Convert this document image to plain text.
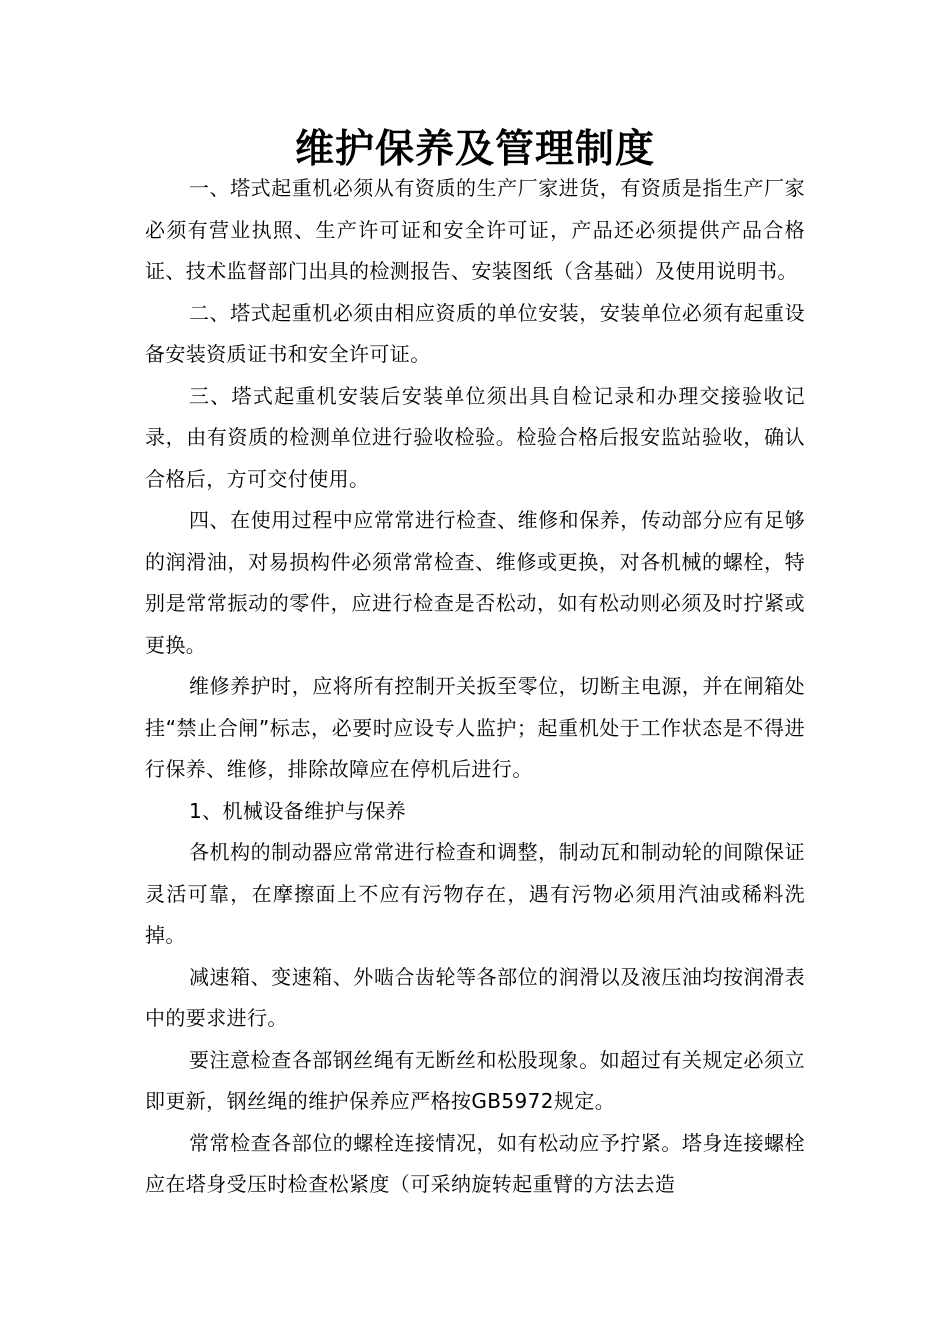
维护保养及管理制度

一、塔式起重机必须从有资质的生产厂家进货，有资质是指生产厂家必须有营业执照、生产许可证和安全许可证，产品还必须提供产品合格证、技术监督部门出具的检测报告、安装图纸（含基础）及使用说明书。

二、塔式起重机必须由相应资质的单位安装，安装单位必须有起重设备安装资质证书和安全许可证。

三、塔式起重机安装后安装单位须出具自检记录和办理交接验收记录，由有资质的检测单位进行验收检验。检验合格后报安监站验收，确认合格后，方可交付使用。

四、在使用过程中应常常进行检查、维修和保养，传动部分应有足够的润滑油，对易损构件必须常常检查、维修或更换，对各机械的螺栓，特别是常常振动的零件，应进行检查是否松动，如有松动则必须及时拧紧或更换。

维修养护时，应将所有控制开关扳至零位，切断主电源，并在闸箱处挂“禁止合闸”标志，必要时应设专人监护；起重机处于工作状态是不得进行保养、维修，排除故障应在停机后进行。

1、机械设备维护与保养

各机构的制动器应常常进行检查和调整，制动瓦和制动轮的间隙保证灵活可靠，在摩擦面上不应有污物存在，遇有污物必须用汽油或稀料洗掉。

减速箱、变速箱、外啮合齿轮等各部位的润滑以及液压油均按润滑表中的要求进行。

要注意检查各部钢丝绳有无断丝和松股现象。如超过有关规定必须立即更新，钢丝绳的维护保养应严格按GB5972规定。

常常检查各部位的螺栓连接情况，如有松动应予拧紧。塔身连接螺栓应在塔身受压时检查松紧度（可采纳旋转起重臂的方法去造
